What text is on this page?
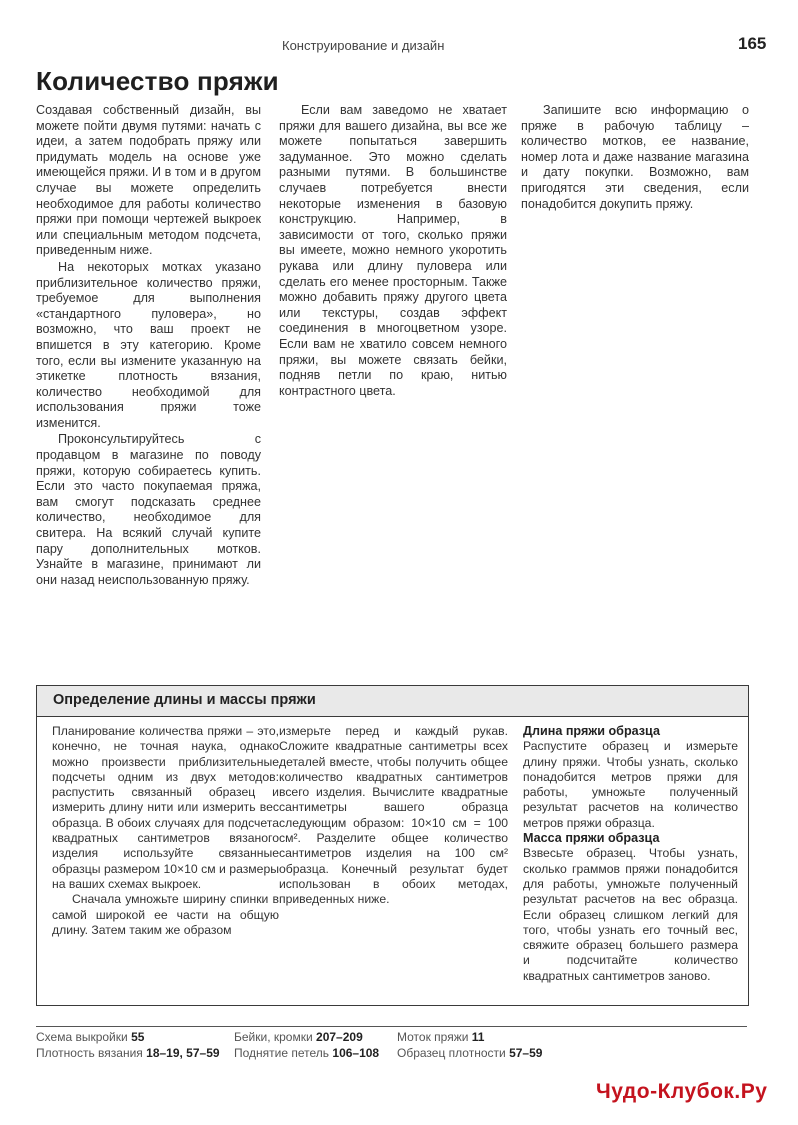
Конструирование и дизайн	165
Количество пряжи

Создавая собственный дизайн, вы можете пойти двумя путями: начать с идеи, а затем подобрать пряжу или придумать модель на основе уже имеющейся пряжи. И в том и в другом случае вы можете определить необходимое для работы количество пряжи при помощи чертежей выкроек или специальным методом подсчета, приведенным ниже.

На некоторых мотках указано приблизительное количество пряжи, требуемое для выполнения «стандартного пуловера», но возможно, что ваш проект не впишется в эту категорию. Кроме того, если вы измените указанную на этикетке плотность вязания, количество необходимой для использования пряжи тоже изменится.

Проконсультируйтесь с продавцом в магазине по поводу пряжи, которую собираетесь купить. Если это часто покупаемая пряжа, вам смогут подсказать среднее количество, необходимое для свитера. На всякий случай купите пару дополнительных мотков. Узнайте в магазине, принимают ли они назад неиспользованную пряжу.

Если вам заведомо не хватает пряжи для вашего дизайна, вы все же можете попытаться завершить задуманное. Это можно сделать разными путями. В большинстве случаев потребуется внести некоторые изменения в базовую конструкцию. Например, в зависимости от того, сколько пряжи вы имеете, можно немного укоротить рукава или длину пуловера или сделать его менее просторным. Также можно добавить пряжу другого цвета или текстуры, создав эффект соединения в многоцветном узоре. Если вам не хватило совсем немного пряжи, вы можете связать бейки, подняв петли по краю, нитью контрастного цвета.

Запишите всю информацию о пряже в рабочую таблицу – количество мотков, ее название, номер лота и даже название магазина и дату покупки. Возможно, вам пригодятся эти сведения, если понадобится докупить пряжу.

Определение длины и массы пряжи

Планирование количества пряжи – это, конечно, не точная наука, однако можно произвести приблизительные подсчеты одним из двух методов: распустить связанный образец и измерить длину нити или измерить вес образца. В обоих случаях для подсчета квадратных сантиметров вязаного изделия используйте связанные образцы размером 10×10 см и размеры на ваших схемах выкроек.

Сначала умножьте ширину спинки в самой широкой ее части на общую длину. Затем таким же образом

измерьте перед и каждый рукав. Сложите квадратные сантиметры всех деталей вместе, чтобы получить общее количество квадратных сантиметров всего изделия. Вычислите квадратные сантиметры вашего образца следующим образом: 10×10 см = 100 см². Разделите общее количество сантиметров изделия на 100 см² образца. Конечный результат будет использован в обоих методах, приведенных ниже.

Длина пряжи образца

Распустите образец и измерьте длину пряжи. Чтобы узнать, сколько понадобится метров пряжи для работы, умножьте полученный результат расчетов на количество метров пряжи образца.

Масса пряжи образца

Взвесьте образец. Чтобы узнать, сколько граммов пряжи понадобится для работы, умножьте полученный результат расчетов на вес образца. Если образец слишком легкий для того, чтобы узнать его точный вес, свяжите образец большего размера и подсчитайте количество квадратных сантиметров заново.

Схема выкройки 55
Плотность вязания 18–19, 57–59
Бейки, кромки 207–209
Поднятие петель 106–108
Моток пряжи 11
Образец плотности 57–59
Чудо-Клубок.Ру
